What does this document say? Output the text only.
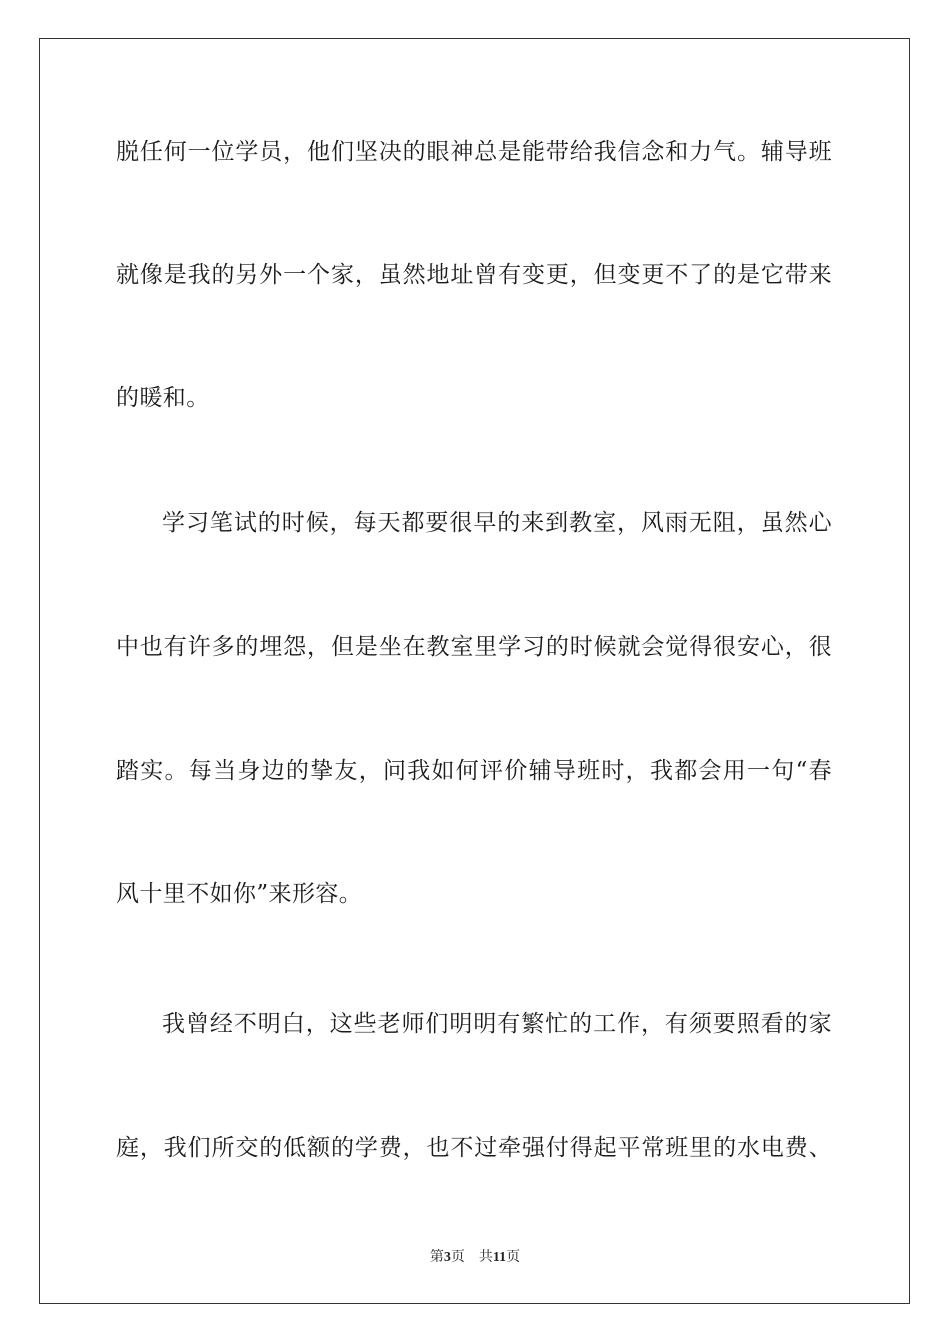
脱任何一位学员，他们坚决的眼神总是能带给我信念和力气。辅导班
就像是我的另外一个家，虽然地址曾有变更，但变更不了的是它带来
的暖和。
学习笔试的时候，每天都要很早的来到教室，风雨无阻，虽然心
中也有许多的埋怨，但是坐在教室里学习的时候就会觉得很安心，很
踏实。每当身边的挚友，问我如何评价辅导班时，我都会用一句“春
风十里不如你”来形容。
我曾经不明白，这些老师们明明有繁忙的工作，有须要照看的家
庭，我们所交的低额的学费，也不过牵强付得起平常班里的水电费、
第3页 共11页
